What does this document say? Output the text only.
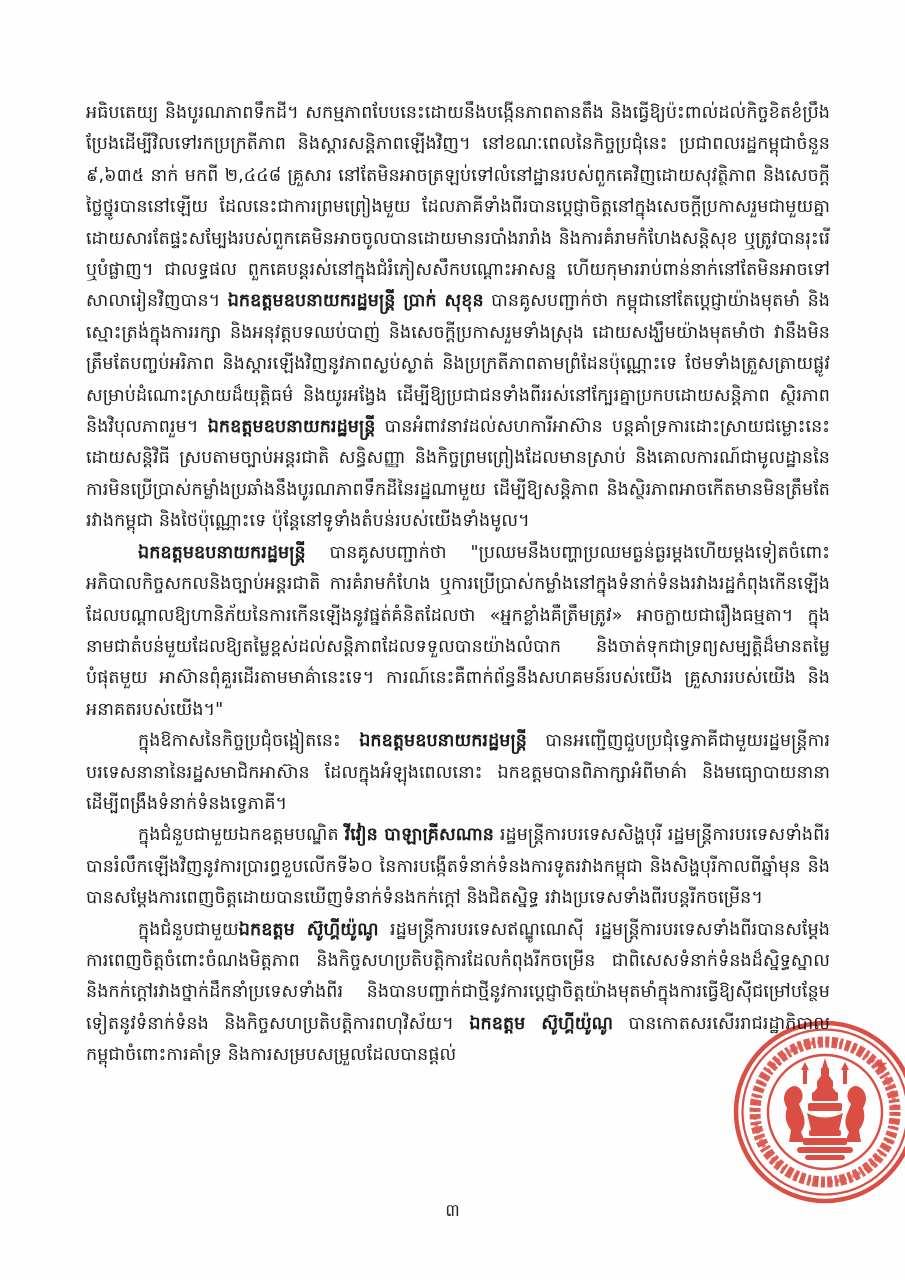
អធិបតេយ្យ និងបូរណភាពទឹកដី។ សកម្មភាពបែបនេះដោយនឹងបង្កើនភាពតានតឹង និងធ្វើឱ្យប៉ះពាល់ដល់កិច្ចខិតខំប្រឹងប្រែងដើម្បីវិលទៅរកប្រក្រតីភាព និងស្តារសន្តិភាពឡើងវិញ។ នៅខណៈពេលនៃកិច្ចប្រជុំនេះ ប្រជាពលរដ្ឋកម្ពុជាចំនួន ៩,៦៣៥ នាក់ មកពី ២,៤៤៨ គ្រួសារ នៅតែមិនអាចត្រឡប់ទៅលំនៅដ្ឋានរបស់ពួកគេវិញដោយសុវត្ថិភាព និងសេចក្តីថ្លៃថ្នូរបាននៅឡើយ ដែលនេះជាការព្រមព្រៀងមួយ ដែលភាគីទាំងពីរបានប្តេជ្ញាចិត្តនៅក្នុងសេចក្តីប្រកាសរួមជាមួយគ្នា ដោយសារតែផ្ទះសម្បែងរបស់ពួកគេមិនអាចចូលបានដោយមានរបាំងរារាំង និងការគំរាមកំហែងសន្តិសុខ ឬត្រូវបានរុះរើ ឬបំផ្លាញ។ ជាលទ្ធផល ពួកគេបន្តរស់នៅក្នុងជំរំភៀសសឹកបណ្តោះអាសន្ន ហើយកុមាររាប់ពាន់នាក់នៅតែមិនអាចទៅសាលារៀនវិញបាន។ ឯកឧត្តមឧបនាយករដ្ឋមន្ត្រី ប្រាក់ សុខុន បានគូសបញ្ជាក់ថា កម្ពុជានៅតែប្តេជ្ញាយ៉ាងមុតមាំ និងស្មោះត្រង់ក្នុងការរក្សា និងអនុវត្តបទឈប់បាញ់ និងសេចក្តីប្រកាសរួមទាំងស្រុង ដោយសង្ឃឹមយ៉ាងមុតមាំថា វានឹងមិនត្រឹមតែបញ្ចប់អរិភាព និងស្តារឡើងវិញនូវភាពស្ងប់ស្ងាត់ និងប្រក្រតីភាពតាមព្រំដែនប៉ុណ្ណោះទេ ថែមទាំងត្រួសត្រាយផ្លូវសម្រាប់ដំណោះស្រាយដ៏យុត្តិធម៌ និងយូរអង្វែង ដើម្បីឱ្យប្រជាជនទាំងពីររស់នៅក្បែរគ្នាប្រកបដោយសន្តិភាព ស្ថិរភាព និងវិបុលភាពរួម។ ឯកឧត្តមឧបនាយករដ្ឋមន្ត្រី បានអំពាវនាវដល់សហការីអាស៊ាន បន្តគាំទ្រការដោះស្រាយជម្លោះនេះដោយសន្តិវិធី ស្របតាមច្បាប់អន្តរជាតិ សន្ធិសញ្ញា និងកិច្ចព្រមព្រៀងដែលមានស្រាប់ និងគោលការណ៍ជាមូលដ្ឋាននៃការមិនប្រើប្រាស់កម្លាំងប្រឆាំងនឹងបូរណភាពទឹកដីនៃរដ្ឋណាមួយ ដើម្បីឱ្យសន្តិភាព និងស្ថិរភាពអាចកើតមានមិនត្រឹមតែរវាងកម្ពុជា និងថៃប៉ុណ្ណោះទេ ប៉ុន្តែនៅទូទាំងតំបន់របស់យើងទាំងមូល។

ឯកឧត្តមឧបនាយករដ្ឋមន្ត្រី បានគូសបញ្ជាក់ថា "ប្រឈមនឹងបញ្ហាប្រឈមធ្ងន់ធ្ងរម្តងហើយម្តងទៀតចំពោះអភិបាលកិច្ចសកលនិងច្បាប់អន្តរជាតិ ការគំរាមកំហែង ឬការប្រើប្រាស់កម្លាំងនៅក្នុងទំនាក់ទំនងរវាងរដ្ឋកំពុងកើនឡើង ដែលបណ្តាលឱ្យហានិភ័យនៃការកើនឡើងនូវផ្នត់គំនិតដែលថា «អ្នកខ្លាំងគឺត្រឹមត្រូវ» អាចក្លាយជារឿងធម្មតា។ ក្នុងនាមជាតំបន់មួយដែលឱ្យតម្លៃខ្ពស់ដល់សន្តិភាពដែលទទួលបានយ៉ាងលំបាក និងចាត់ទុកជាទ្រព្យសម្បត្តិដ៏មានតម្លៃបំផុតមួយ អាស៊ានពុំគួរដើរតាមមាគ៌ានេះទេ។ ការណ៍នេះគឺពាក់ព័ន្ធនឹងសហគមន៍របស់យើង គ្រួសាររបស់យើង និងអនាគតរបស់យើង។"

ក្នុងឱកាសនៃកិច្ចប្រជុំចង្អៀតនេះ ឯកឧត្តមឧបនាយករដ្ឋមន្ត្រី បានអញ្ជើញជួបប្រជុំទ្វេភាគីជាមួយរដ្ឋមន្ត្រីការបរទេសនានានៃរដ្ឋសមាជិកអាស៊ាន ដែលក្នុងអំឡុងពេលនោះ ឯកឧត្តមបានពិភាក្សាអំពីមាគ៌ា និងមធ្យោបាយនានា ដើម្បីពង្រឹងទំនាក់ទំនងទ្វេភាគី។

ក្នុងជំនួបជាមួយឯកឧត្តមបណ្ឌិត វីវៀន បាឡាគ្រីសណាន រដ្ឋមន្ត្រីការបរទេសសិង្ហបុរី រដ្ឋមន្ត្រីការបរទេសទាំងពីរ បានរំលឹកឡើងវិញនូវការប្រារព្ធខួបលើកទី៦០ នៃការបង្កើតទំនាក់ទំនងការទូតរវាងកម្ពុជា និងសិង្ហបុរីកាលពីឆ្នាំមុន និងបានសម្តែងការពេញចិត្តដោយបានឃើញទំនាក់ទំនងកក់ក្តៅ និងជិតស្និទ្ធ រវាងប្រទេសទាំងពីរបន្តរីកចម្រើន។

ក្នុងជំនួបជាមួយឯកឧត្តម ស៊ូហ្គីយ៉ូណូ រដ្ឋមន្ត្រីការបរទេសឥណ្ឌូណេស៊ី រដ្ឋមន្ត្រីការបរទេសទាំងពីរបានសម្តែងការពេញចិត្តចំពោះចំណងមិត្តភាព និងកិច្ចសហប្រតិបត្តិការដែលកំពុងរីកចម្រើន ជាពិសេសទំនាក់ទំនងដ៏ស្និទ្ធស្នាល និងកក់ក្តៅរវាងថ្នាក់ដឹកនាំប្រទេសទាំងពីរ និងបានបញ្ជាក់ជាថ្មីនូវការប្តេជ្ញាចិត្តយ៉ាងមុតមាំក្នុងការធ្វើឱ្យស៊ីជម្រៅបន្ថែមទៀតនូវទំនាក់ទំនង និងកិច្ចសហប្រតិបត្តិការពហុវិស័យ។ ឯកឧត្តម ស៊ូហ្គីយ៉ូណូ បានកោតសរសើររាជរដ្ឋាភិបាលកម្ពុជាចំពោះការគាំទ្រ និងការសម្របសម្រួលដែលបានផ្តល់

៣
